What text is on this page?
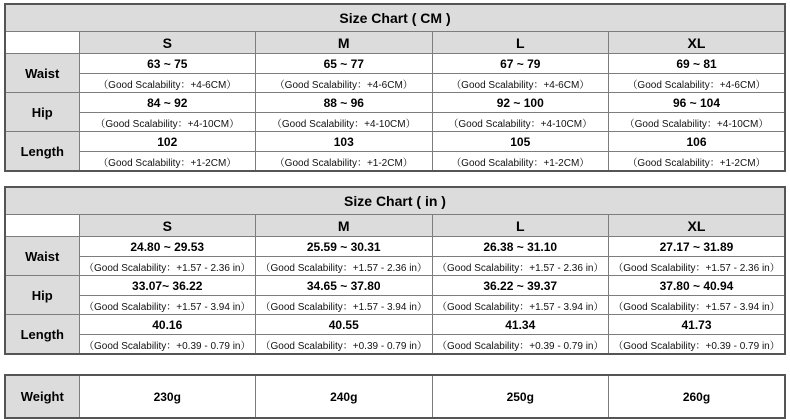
Size Chart ( CM )				
	S	M	L	XL
Waist	63 ~ 75	65 ~ 77	67 ~ 79	69 ~ 81
	（Good Scalability：+4-6CM）	（Good Scalability：+4-6CM）	（Good Scalability：+4-6CM）	（Good Scalability：+4-6CM）
Hip	84 ~ 92	88 ~ 96	92 ~ 100	96 ~ 104
	（Good Scalability：+4-10CM）	（Good Scalability：+4-10CM）	（Good Scalability：+4-10CM）	（Good Scalability：+4-10CM）
Length	102	103	105	106
	（Good Scalability：+1-2CM）	（Good Scalability：+1-2CM）	（Good Scalability：+1-2CM）	（Good Scalability：+1-2CM）
Size Chart ( in )				
	S	M	L	XL
Waist	24.80 ~ 29.53	25.59 ~ 30.31	26.38 ~ 31.10	27.17 ~ 31.89
	（Good Scalability：+1.57 - 2.36 in）	（Good Scalability：+1.57 - 2.36 in）	（Good Scalability：+1.57 - 2.36 in）	（Good Scalability：+1.57 - 2.36 in）
Hip	33.07~ 36.22	34.65 ~ 37.80	36.22 ~ 39.37	37.80 ~ 40.94
	（Good Scalability：+1.57 - 3.94 in）	（Good Scalability：+1.57 - 3.94 in）	（Good Scalability：+1.57 - 3.94 in）	（Good Scalability：+1.57 - 3.94 in）
Length	40.16	40.55	41.34	41.73
	（Good Scalability：+0.39 - 0.79 in）	（Good Scalability：+0.39 - 0.79 in）	（Good Scalability：+0.39 - 0.79 in）	（Good Scalability：+0.39 - 0.79 in）
Weight	230g	240g	250g	260g
